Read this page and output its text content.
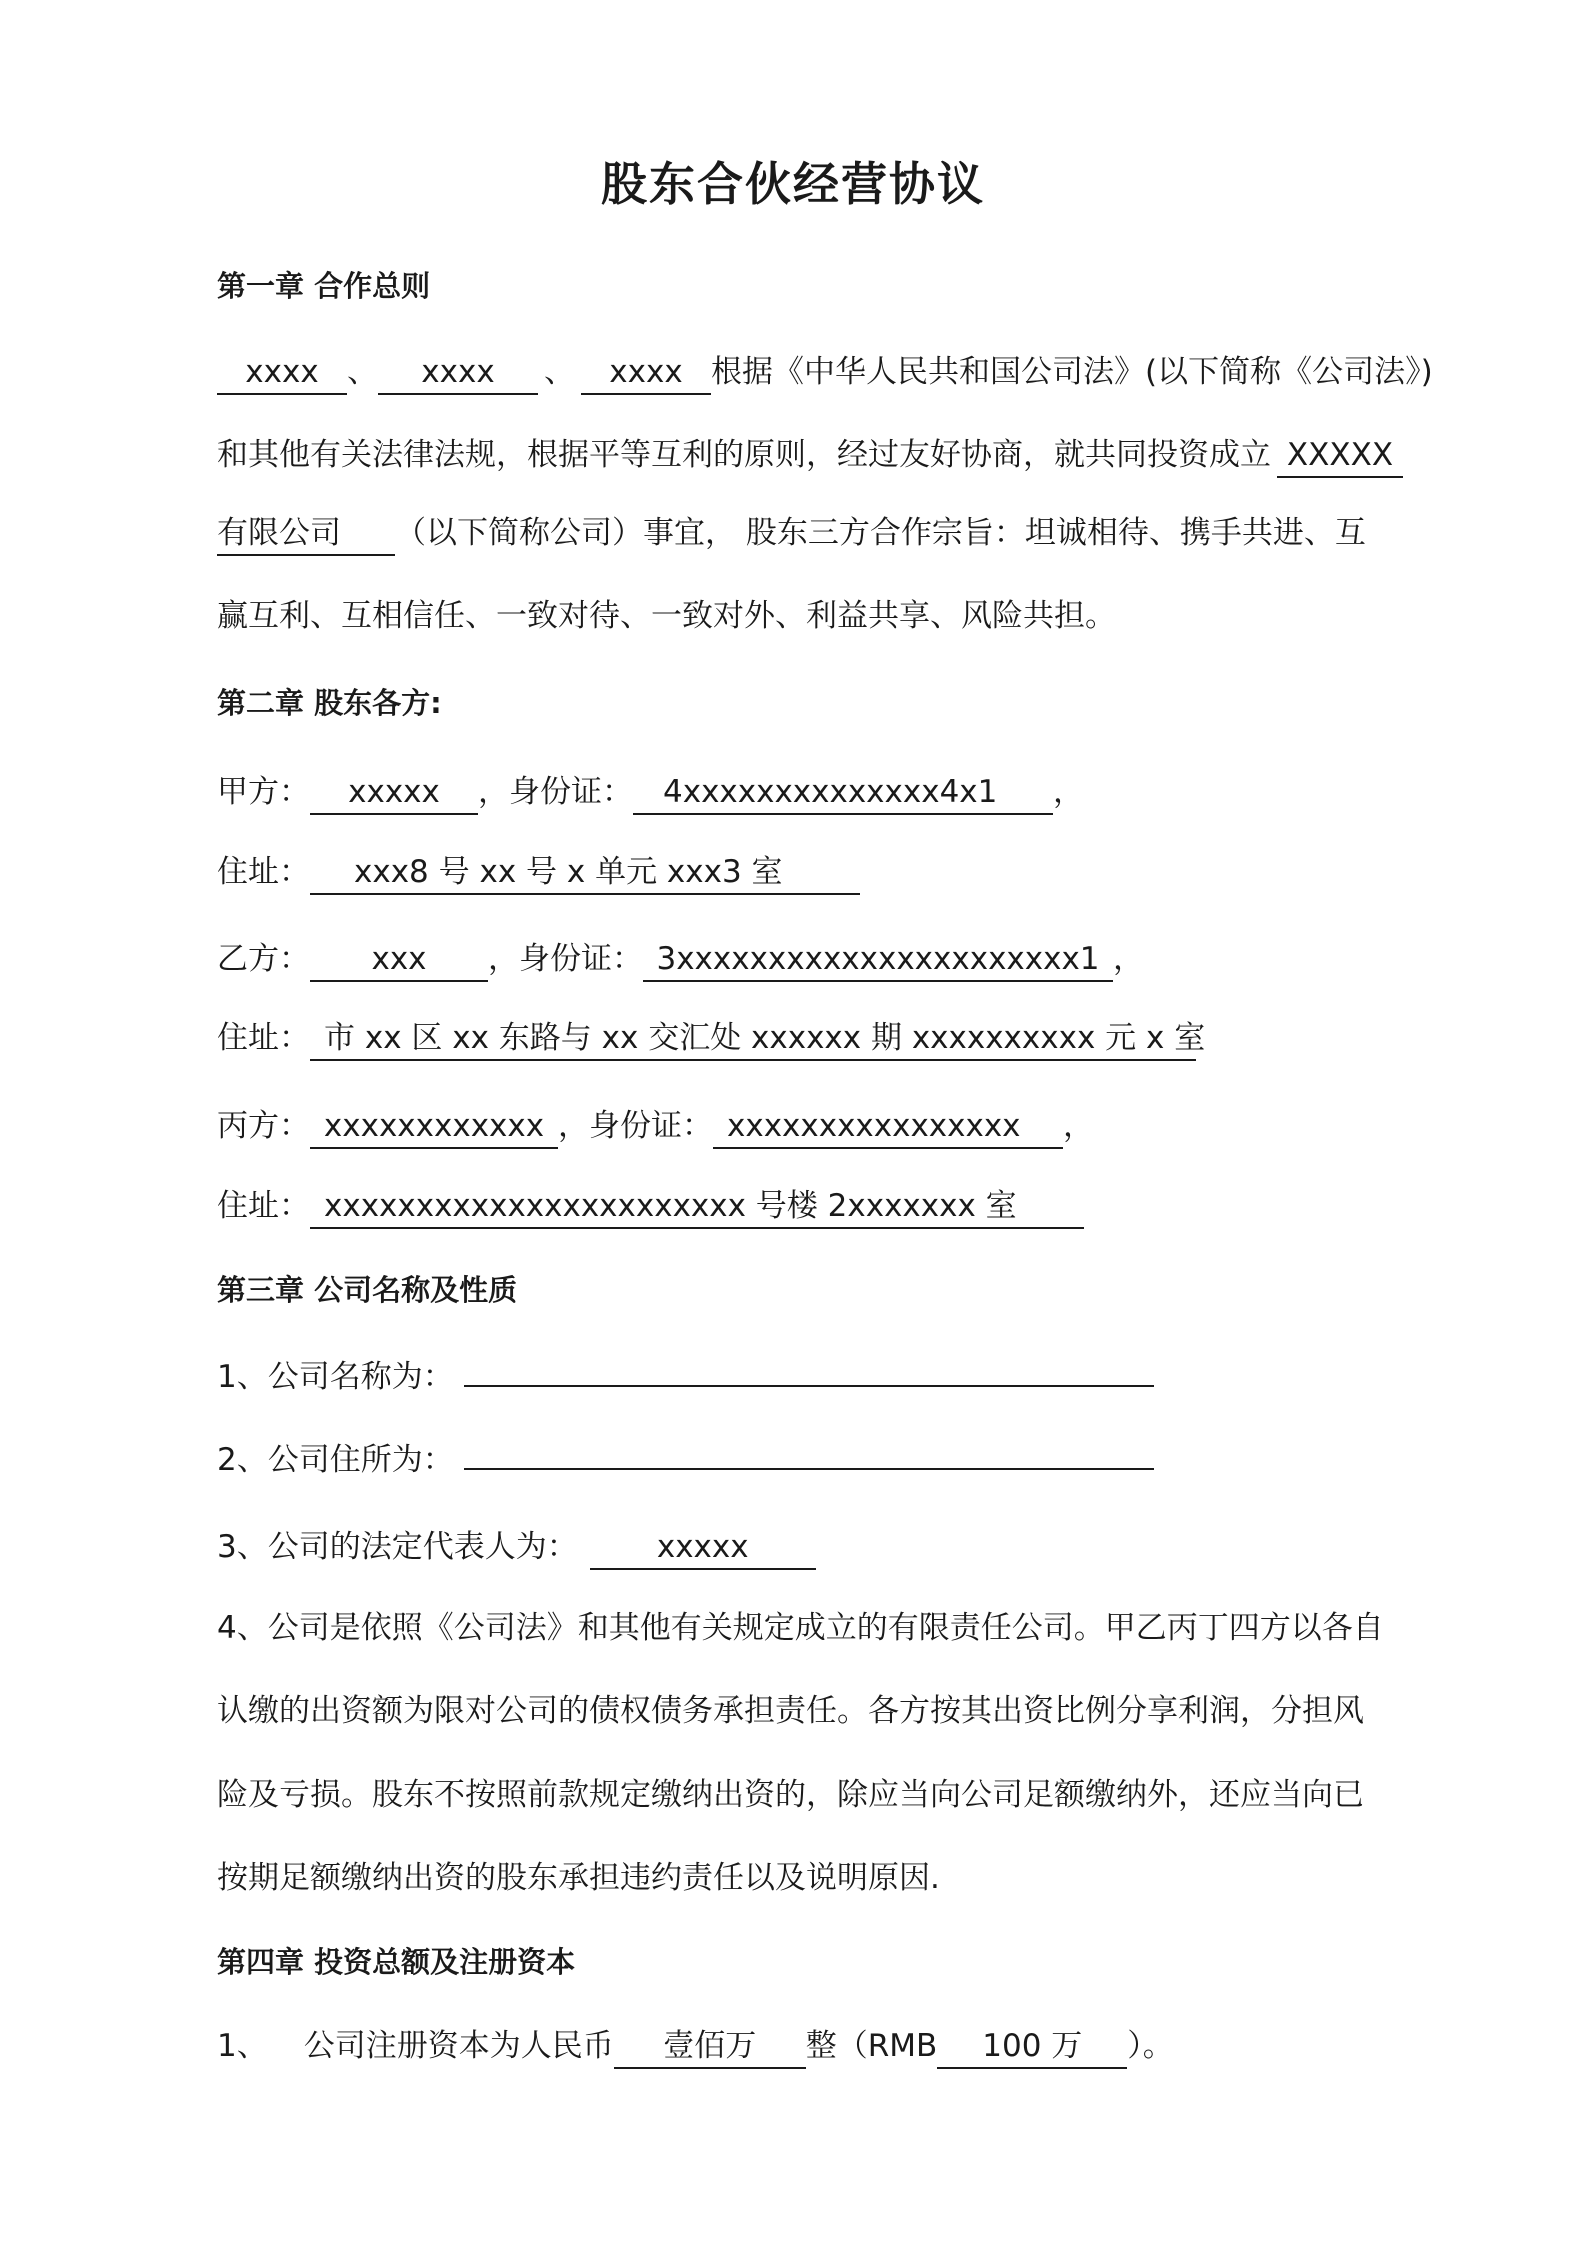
股东合伙经营协议
第一章 合作总则
xxxx 、 xxxx 、 xxxx 根据《中华人民共和国公司法》(以下简称《公司法》)
和其他有关法律法规，根据平等互利的原则，经过友好协商，就共同投资成立 XXXXX
有限公司 （以下简称公司）事宜， 股东三方合作宗旨：坦诚相待、携手共进、互
赢互利、互相信任、一致对待、一致对外、利益共享、风险共担。
第二章 股东各方:
甲方： xxxxx ，身份证： 4xxxxxxxxxxxxxx4x1 ，
住址： xxx8 号 xx 号 x 单元 xxx3 室
乙方： xxx ，身份证： 3xxxxxxxxxxxxxxxxxxxxxx1 ，
住址： 市 xx 区 xx 东路与 xx 交汇处 xxxxxx 期 xxxxxxxxxx 元 x 室
丙方： xxxxxxxxxxxx ，身份证： xxxxxxxxxxxxxxxx ，
住址： xxxxxxxxxxxxxxxxxxxxxxx 号楼 2xxxxxxx 室
第三章 公司名称及性质
1、公司名称为：
2、公司住所为：
3、公司的法定代表人为：	xxxxx
4、公司是依照《公司法》和其他有关规定成立的有限责任公司。甲乙丙丁四方以各自
认缴的出资额为限对公司的债权债务承担责任。各方按其出资比例分享利润，分担风
险及亏损。股东不按照前款规定缴纳出资的，除应当向公司足额缴纳外，还应当向已
按期足额缴纳出资的股东承担违约责任以及说明原因.
第四章 投资总额及注册资本
1、 公司注册资本为人民币 壹佰万 整（RMB 100 万 ）。
